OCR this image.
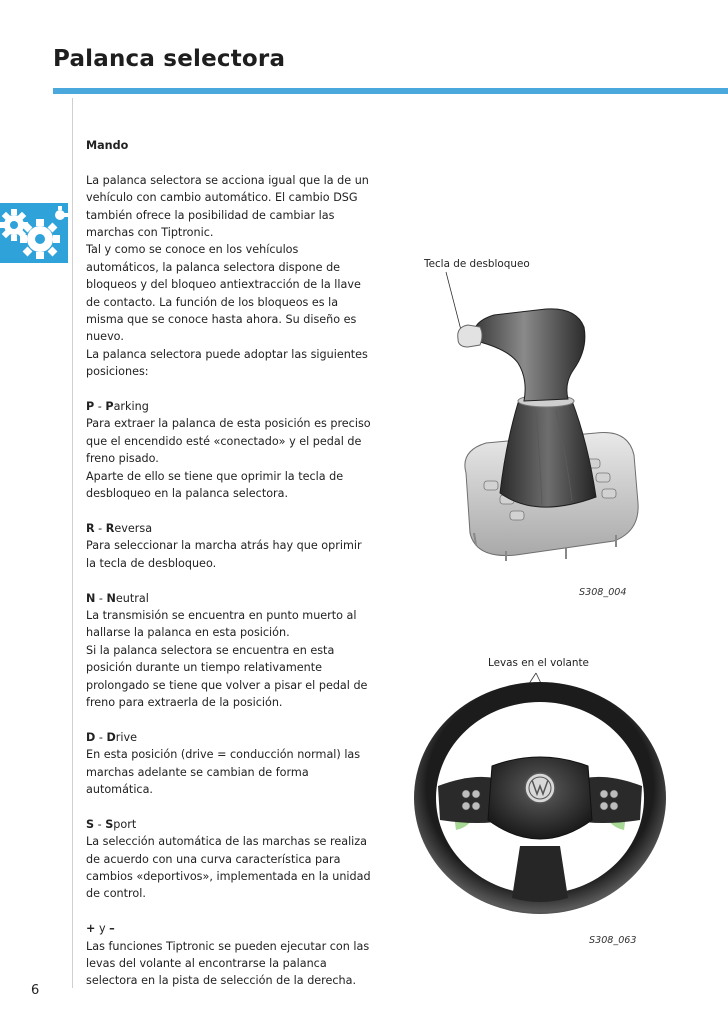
Palanca selectora

Mando

La palanca selectora se acciona igual que la de un vehículo con cambio automático. El cambio DSG también ofrece la posibilidad de cambiar las marchas con Tiptronic.

Tal y como se conoce en los vehículos automáticos, la palanca selectora dispone de bloqueos y del bloqueo antiextracción de la llave de contacto. La función de los bloqueos es la misma que se conoce hasta ahora. Su diseño es nuevo.

La palanca selectora puede adoptar las siguientes posiciones:

P - Parking

Para extraer la palanca de esta posición es preciso que el encendido esté «conectado» y el pedal de freno pisado.

Aparte de ello se tiene que oprimir la tecla de desbloqueo en la palanca selectora.

R - Reversa

Para seleccionar la marcha atrás hay que oprimir la tecla de desbloqueo.

N - Neutral

La transmisión se encuentra en punto muerto al hallarse la palanca en esta posición.

Si la palanca selectora se encuentra en esta posición durante un tiempo relativamente prolongado se tiene que volver a pisar el pedal de freno para extraerla de la posición.

D - Drive

En esta posición (drive = conducción normal) las marchas adelante se cambian de forma automática.

S - Sport

La selección automática de las marchas se realiza de acuerdo con una curva característica para cambios «deportivos», implementada en la unidad de control.

+ y –

Las funciones Tiptronic se pueden ejecutar con las levas del volante al encontrarse la palanca selectora en la pista de selección de la derecha.

Tecla de desbloqueo
S308_004
Levas en el volante
S308_063
6
